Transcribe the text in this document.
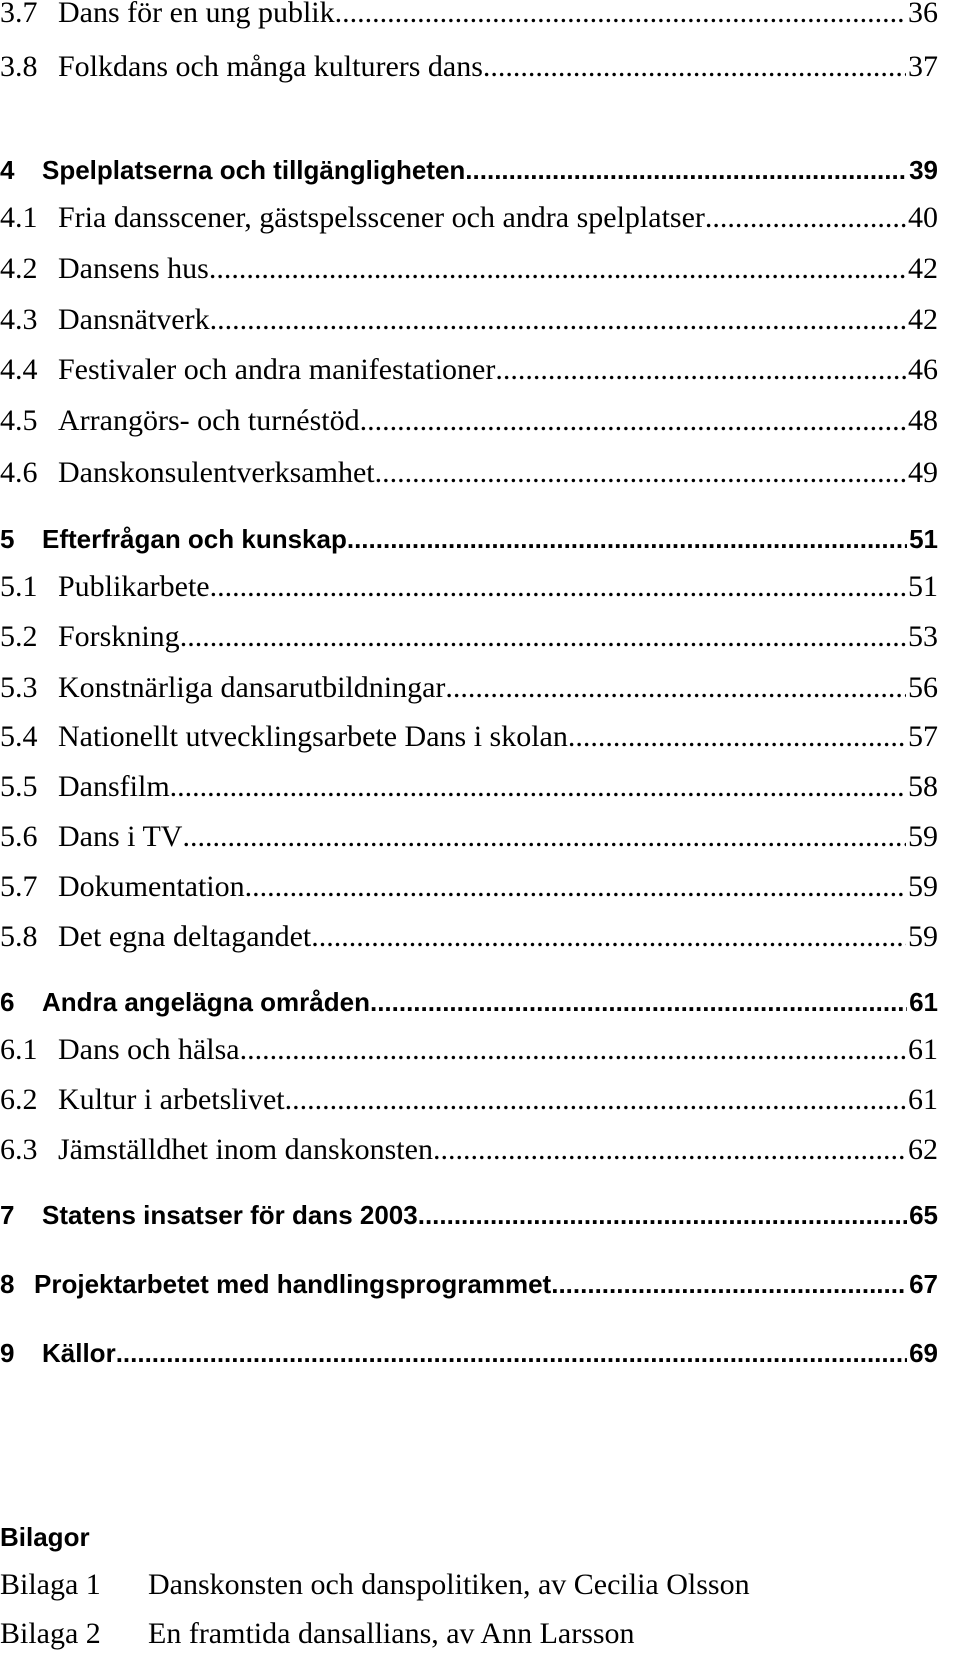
3.7 Dans för en ung publik .....	36
3.8 Folkdans och många kulturers dans .....	37
4	Spelplatserna och tillgängligheten .....	39
4.1 Fria dansscener, gästspelsscener och andra spelplatser .....	40
4.2 Dansens hus .....	42
4.3 Dansnätverk .....	42
4.4 Festivaler och andra manifestationer .....	46
4.5 Arrangörs- och turnéstöd .....	48
4.6 Danskonsulentverksamhet .....	49
5	Efterfrågan och kunskap .....	51
5.1 Publikarbete .....	51
5.2 Forskning .....	53
5.3 Konstnärliga dansarutbildningar .....	56
5.4 Nationellt utvecklingsarbete Dans i skolan .....	57
5.5 Dansfilm .....	58
5.6 Dans i TV .....	59
5.7 Dokumentation .....	59
5.8 Det egna deltagandet .....	59
6	Andra angelägna områden .....	61
6.1 Dans och hälsa .....	61
6.2 Kultur i arbetslivet .....	61
6.3 Jämställdhet inom danskonsten .....	62
7	Statens insatser för dans 2003 .....	65
8 Projektarbetet med handlingsprogrammet .....	67
9	Källor .....	69
Bilagor
Bilaga 1 Danskonsten och danspolitiken, av Cecilia Olsson
Bilaga 2 En framtida dansallians, av Ann Larsson
